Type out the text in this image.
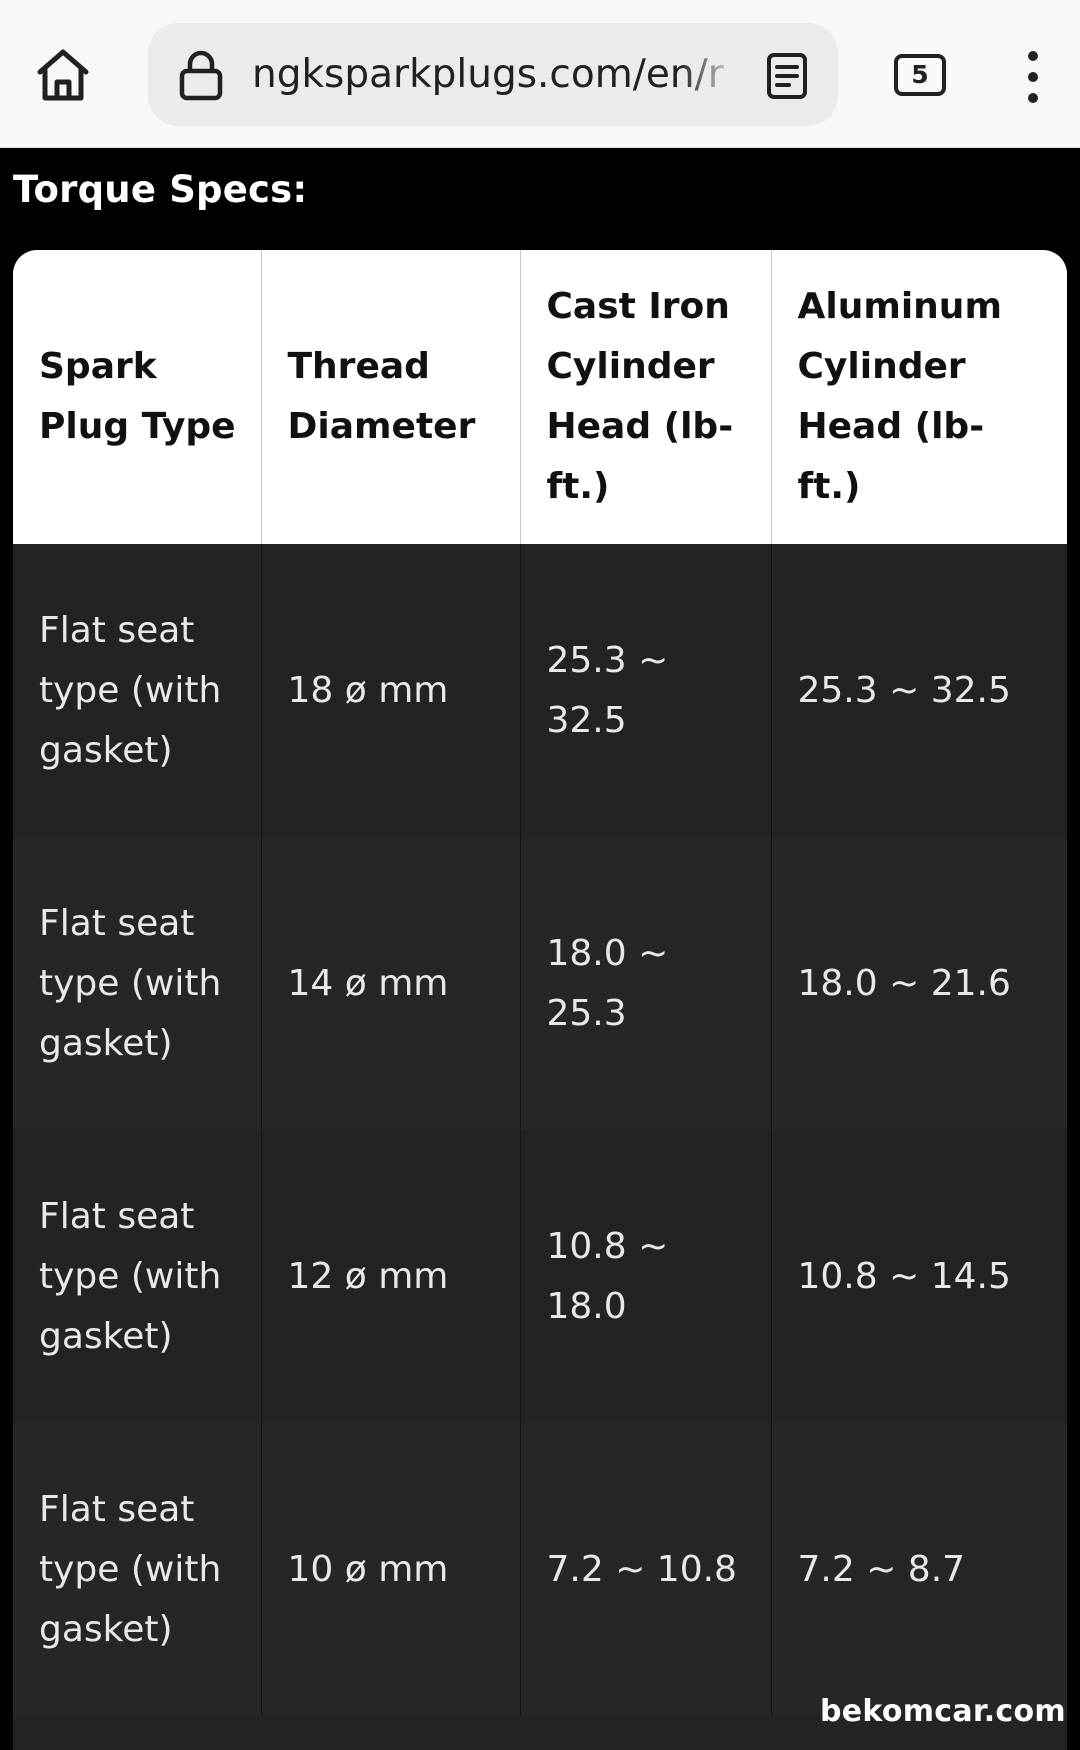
ngksparkplugs.com/en/r	5
Torque Specs:
Spark Plug Type	Thread Diameter	Cast Iron Cylinder Head (lb-ft.)	Aluminum Cylinder Head (lb-ft.)
Flat seat type (with gasket)	18 ø mm	25.3 ~ 32.5	25.3 ~ 32.5
Flat seat type (with gasket)	14 ø mm	18.0 ~ 25.3	18.0 ~ 21.6
Flat seat type (with gasket)	12 ø mm	10.8 ~ 18.0	10.8 ~ 14.5
Flat seat type (with gasket)	10 ø mm	7.2 ~ 10.8	7.2 ~ 8.7
bekomcar.com
